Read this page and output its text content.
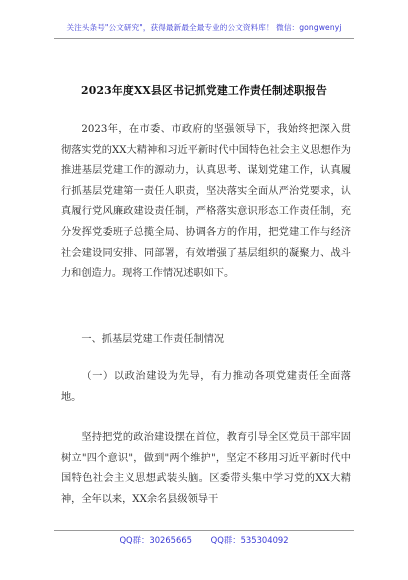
关注头条号"公文研究"，获得最新最全最专业的公文资料库！ 微信：gongwenyj
2023年度XX县区书记抓党建工作责任制述职报告

2023年，在市委、市政府的坚强领导下，我始终把深入贯彻落实党的XX大精神和习近平新时代中国特色社会主义思想作为推进基层党建工作的源动力，认真思考、谋划党建工作，认真履行抓基层党建第一责任人职责，坚决落实全面从严治党要求，认真履行党风廉政建设责任制，严格落实意识形态工作责任制，充分发挥党委班子总揽全局、协调各方的作用，把党建工作与经济社会建设同安排、同部署，有效增强了基层组织的凝聚力、战斗力和创造力。现将工作情况述职如下。

一、抓基层党建工作责任制情况

（一）以政治建设为先导，有力推动各项党建责任全面落地。

坚持把党的政治建设摆在首位，教育引导全区党员干部牢固树立"四个意识"，做到"两个维护"，坚定不移用习近平新时代中国特色社会主义思想武装头脑。区委带头集中学习党的XX大精神，全年以来，XX余名县级领导干

QQ群：30265665 QQ群：535304092
